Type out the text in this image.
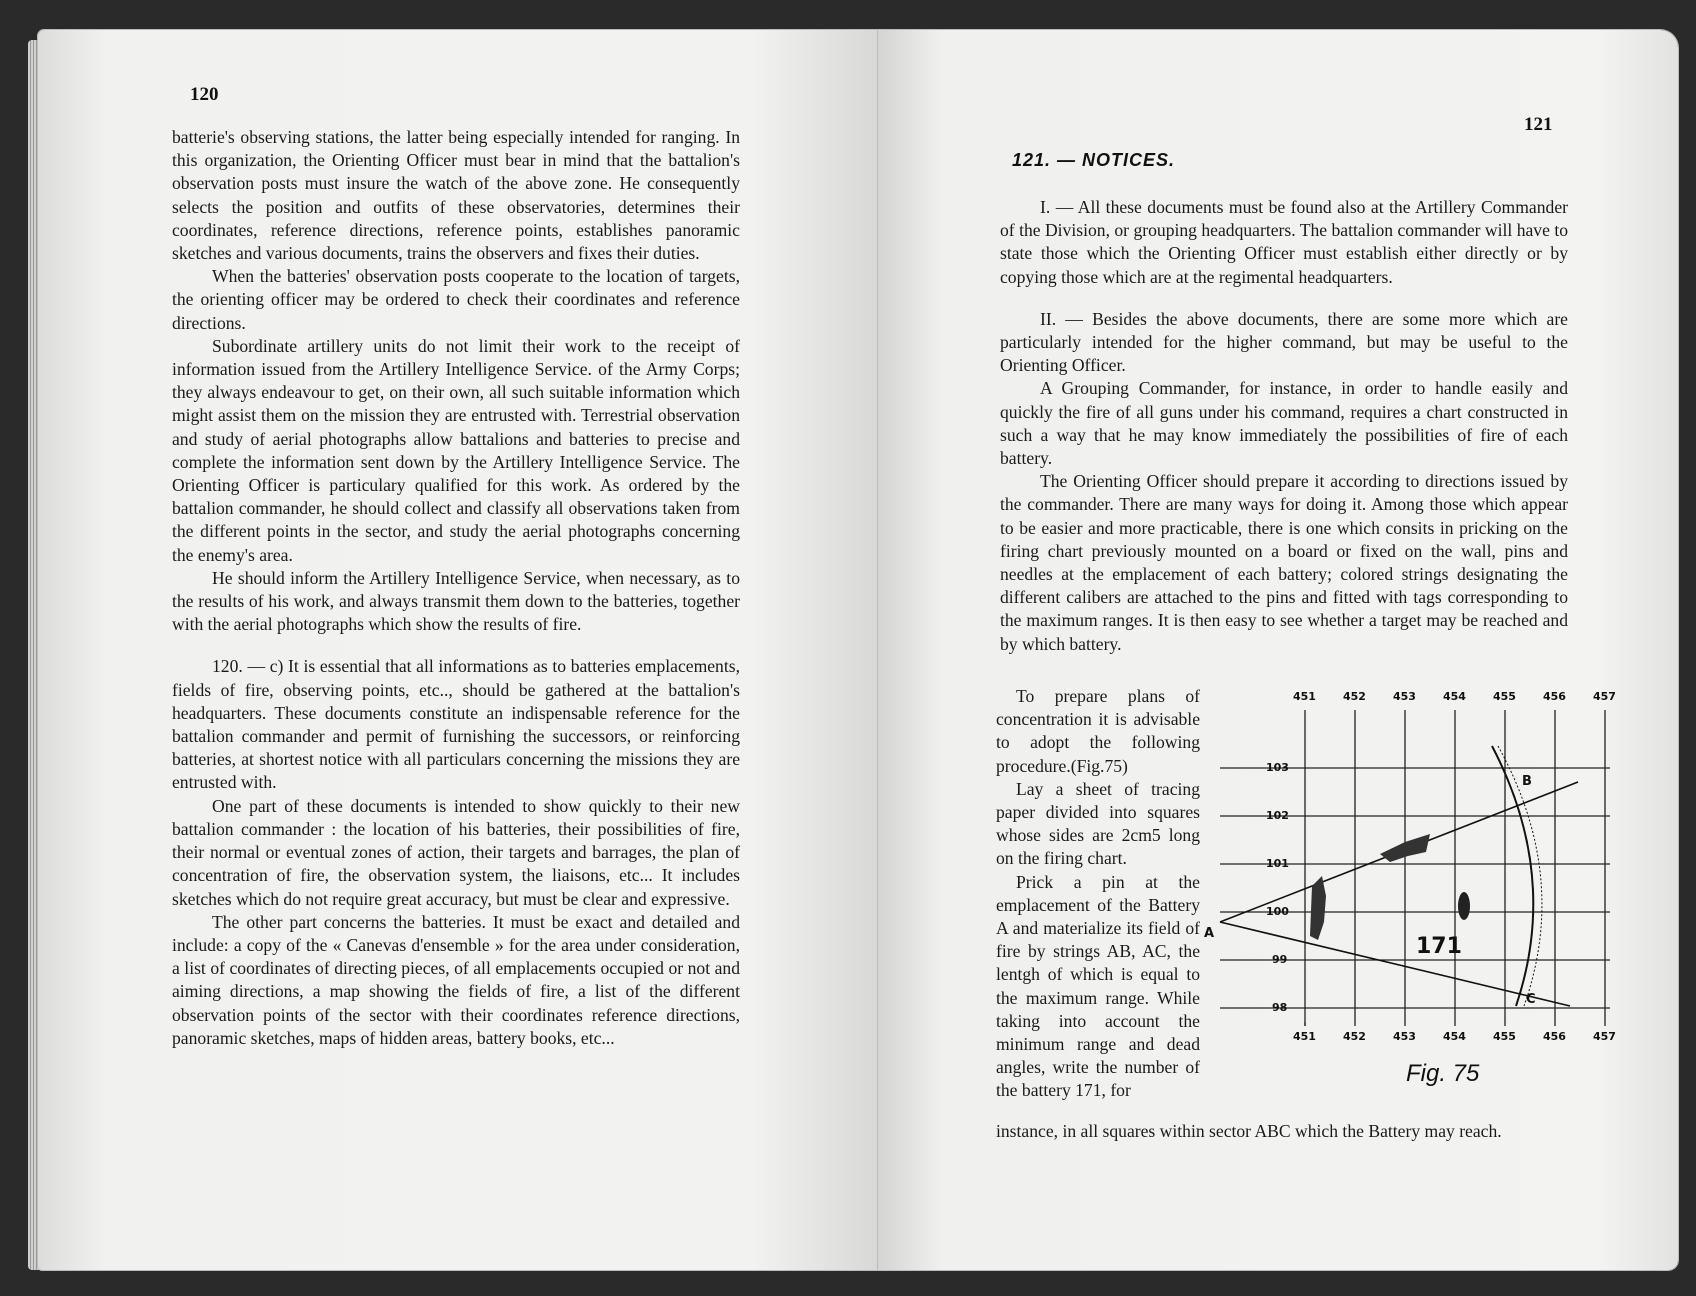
120

batterie's observing stations, the latter being especially intended for ranging. In this organization, the Orienting Officer must bear in mind that the battalion's observation posts must insure the watch of the above zone. He consequently selects the position and outfits of these observatories, determines their coordinates, reference directions, reference points, establishes panoramic sketches and various documents, trains the observers and fixes their duties.

When the batteries' observation posts cooperate to the location of targets, the orienting officer may be ordered to check their coordinates and reference directions.

Subordinate artillery units do not limit their work to the receipt of information issued from the Artillery Intelligence Service. of the Army Corps; they always endeavour to get, on their own, all such suitable information which might assist them on the mission they are entrusted with. Terrestrial observation and study of aerial photographs allow battalions and batteries to precise and complete the information sent down by the Artillery Intelligence Service. The Orienting Officer is particulary qualified for this work. As ordered by the battalion commander, he should collect and classify all observations taken from the different points in the sector, and study the aerial photographs concerning the enemy's area.

He should inform the Artillery Intelligence Service, when necessary, as to the results of his work, and always transmit them down to the batteries, together with the aerial photographs which show the results of fire.

120. — c) It is essential that all informations as to batteries emplacements, fields of fire, observing points, etc.., should be gathered at the battalion's headquarters. These documents constitute an indispensable reference for the battalion commander and permit of furnishing the successors, or reinforcing batteries, at shortest notice with all particulars concerning the missions they are entrusted with.

One part of these documents is intended to show quickly to their new battalion commander : the location of his batteries, their possibilities of fire, their normal or eventual zones of action, their targets and barrages, the plan of concentration of fire, the observation system, the liaisons, etc... It includes sketches which do not require great accuracy, but must be clear and expressive.

The other part concerns the batteries. It must be exact and detailed and include: a copy of the « Canevas d'ensemble » for the area under consideration, a list of coordinates of directing pieces, of all emplacements occupied or not and aiming directions, a map showing the fields of fire, a list of the different observation points of the sector with their coordinates reference directions, panoramic sketches, maps of hidden areas, battery books, etc...

121
121. — NOTICES.

I. — All these documents must be found also at the Artillery Commander of the Division, or grouping headquarters. The battalion commander will have to state those which the Orienting Officer must establish either directly or by copying those which are at the regimental headquarters.

II. — Besides the above documents, there are some more which are particularly intended for the higher command, but may be useful to the Orienting Officer.

A Grouping Commander, for instance, in order to handle easily and quickly the fire of all guns under his command, requires a chart constructed in such a way that he may know immediately the possibilities of fire of each battery.

The Orienting Officer should prepare it according to directions issued by the commander. There are many ways for doing it. Among those which appear to be easier and more practicable, there is one which consits in pricking on the firing chart previously mounted on a board or fixed on the wall, pins and needles at the emplacement of each battery; colored strings designating the different calibers are attached to the pins and fitted with tags corresponding to the maximum ranges. It is then easy to see whether a target may be reached and by which battery.

To prepare plans of concentration it is advisable to adopt the following procedure.(Fig.75)

Lay a sheet of tracing paper divided into squares whose sides are 2cm5 long on the firing chart.

Prick a pin at the emplacement of the Battery A and materialize its field of fire by strings AB, AC, the lentgh of which is equal to the maximum range. While taking into account the minimum range and dead angles, write the number of the battery 171, for

instance, in all squares within sector ABC which the Battery may reach.

451 452 453 454 455 456 457
451 452 453 454 455 456 457
103
102
101
100
99
98
A
B
C
171
Fig. 75
